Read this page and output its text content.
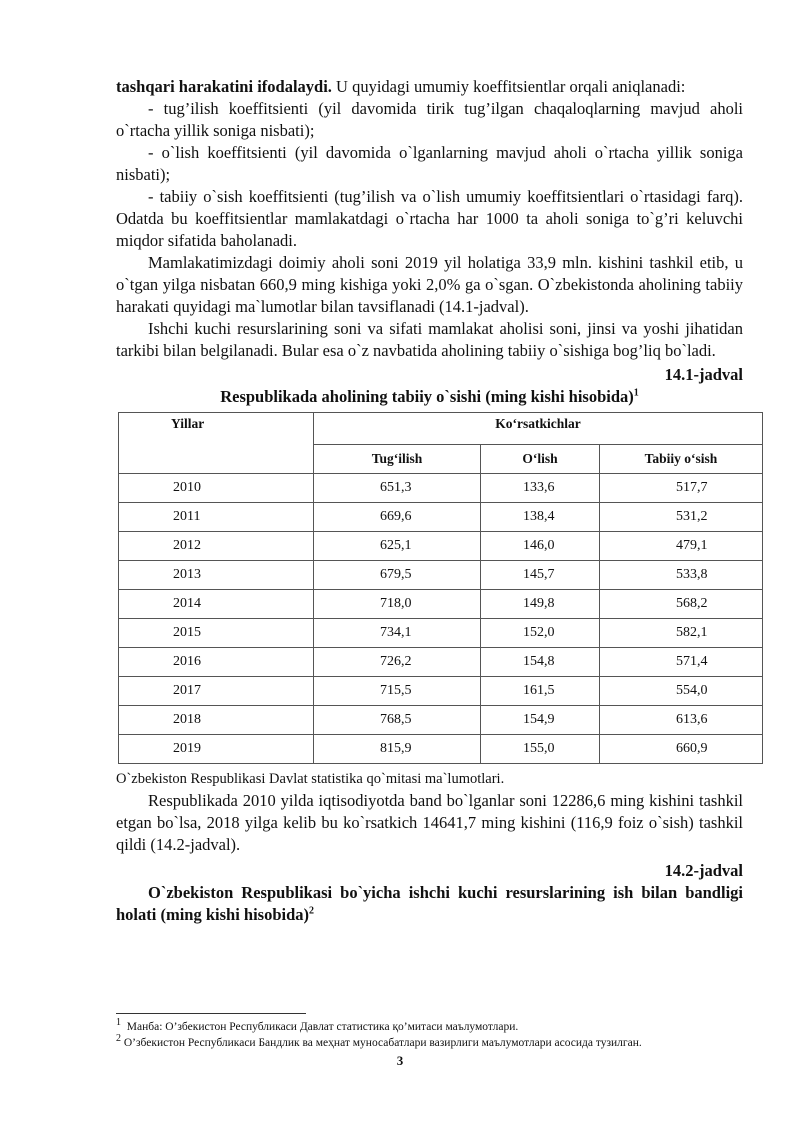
tashqari harakatini ifodalaydi. U quyidagi umumiy koeffitsientlar orqali aniqlanadi:

- tug’ilish koeffitsienti (yil davomida tirik tug’ilgan chaqaloqlarning mavjud aholi o`rtacha yillik soniga nisbati);

- o`lish koeffitsienti (yil davomida o`lganlarning mavjud aholi o`rtacha yillik soniga nisbati);

- tabiiy o`sish koeffitsienti (tug’ilish va o`lish umumiy koeffitsientlari o`rtasidagi farq). Odatda bu koeffitsientlar mamlakatdagi o`rtacha har 1000 ta aholi soniga to`g’ri keluvchi miqdor sifatida baholanadi.

Mamlakatimizdagi doimiy aholi soni 2019 yil holatiga 33,9 mln. kishini tashkil etib, u o`tgan yilga nisbatan 660,9 ming kishiga yoki 2,0% ga o`sgan. O`zbekistonda aholining tabiiy harakati quyidagi ma`lumotlar bilan tavsiflanadi (14.1-jadval).

Ishchi kuchi resurslarining soni va sifati mamlakat aholisi soni, jinsi va yoshi jihatidan tarkibi bilan belgilanadi. Bular esa o`z navbatida aholining tabiiy o`sishiga bog’liq bo`ladi.

14.1-jadval
Respublikada aholining tabiiy o`sishi (ming kishi hisobida)$^1$
Yillar	Ko‘rsatkichlar		
	Tug‘ilish	O‘lish	Tabiiy o‘sish
2010	651,3	133,6	517,7
2011	669,6	138,4	531,2
2012	625,1	146,0	479,1
2013	679,5	145,7	533,8
2014	718,0	149,8	568,2
2015	734,1	152,0	582,1
2016	726,2	154,8	571,4
2017	715,5	161,5	554,0
2018	768,5	154,9	613,6
2019	815,9	155,0	660,9

O`zbekiston Respublikasi Davlat statistika qo`mitasi ma`lumotlari.

Respublikada 2010 yilda iqtisodiyotda band bo`lganlar soni 12286,6 ming kishini tashkil etgan bo`lsa, 2018 yilga kelib bu ko`rsatkich 14641,7 ming kishini (116,9 foiz o`sish) tashkil qildi (14.2-jadval).

14.2-jadval

O`zbekiston Respublikasi bo`yicha ishchi kuchi resurslarining ish bilan bandligi holati (ming kishi hisobida)$^2$

$^1$ Манба: O’збекистон Республикаси Давлат статистика қо’митаси маълумотлари.
$^2$ O’збекистон Республикаси Бандлик ва меҳнат муносабатлари вазирлиги маълумотлари асосида тузилган.
3
